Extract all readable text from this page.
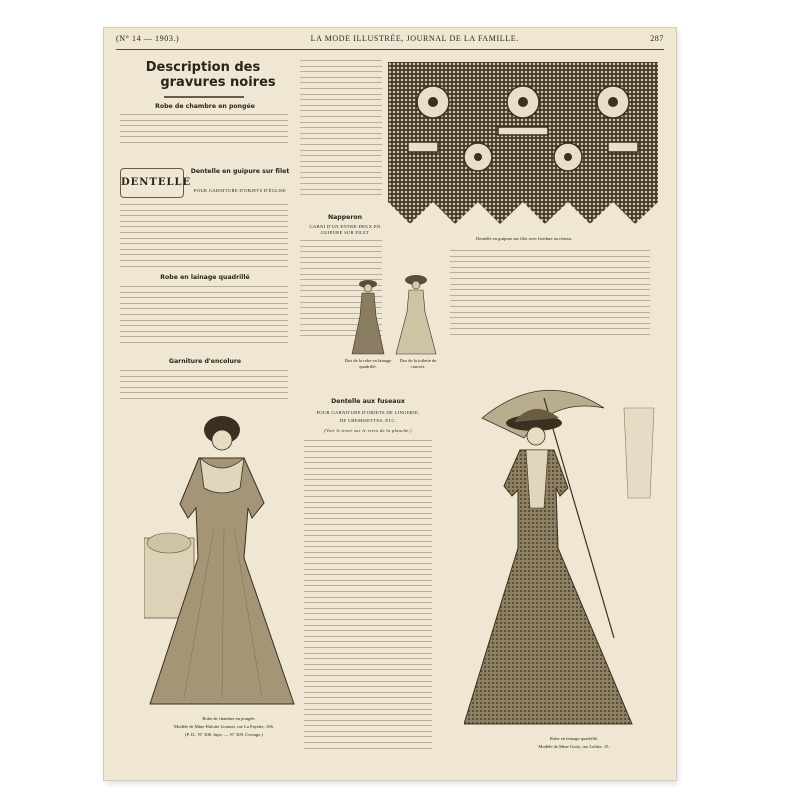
(N° 14 — 1903.)	LA MODE ILLUSTRÉE, JOURNAL DE LA FAMILLE.	287
Description des
gravures noires
Robe de chambre en pongée
DENTELLE
Dentelle en guipure sur filet
POUR GARNITURE D'OBJETS D'ÉGLISE
Robe en lainage quadrillé
Garniture d'encolure
Napperon
GARNI D'UN ENTRE-DEUX EN GUIPURE SUR FILET
Dentelle en guipure sur filet avec bordure au réseau.
Dos de la robe en lainage quadrillé.
Dos de la toilette de concert.
Dentelle aux fuseaux
POUR GARNITURE D'OBJETS DE LINGERIE,
DE CHEMISETTES, ETC.
(Voir le tracé sur le recto de la planche.)
Robe de chambre en pongée.
Modèle de Mme Hulotte Lionnet, rue La Fayette, 106.
(P. D., N° 308. Jupe. — N° 309. Corsage.)
Robe en lainage quadrillé.
Modèle de Mme Gotty, rue Lafitte, 15.
